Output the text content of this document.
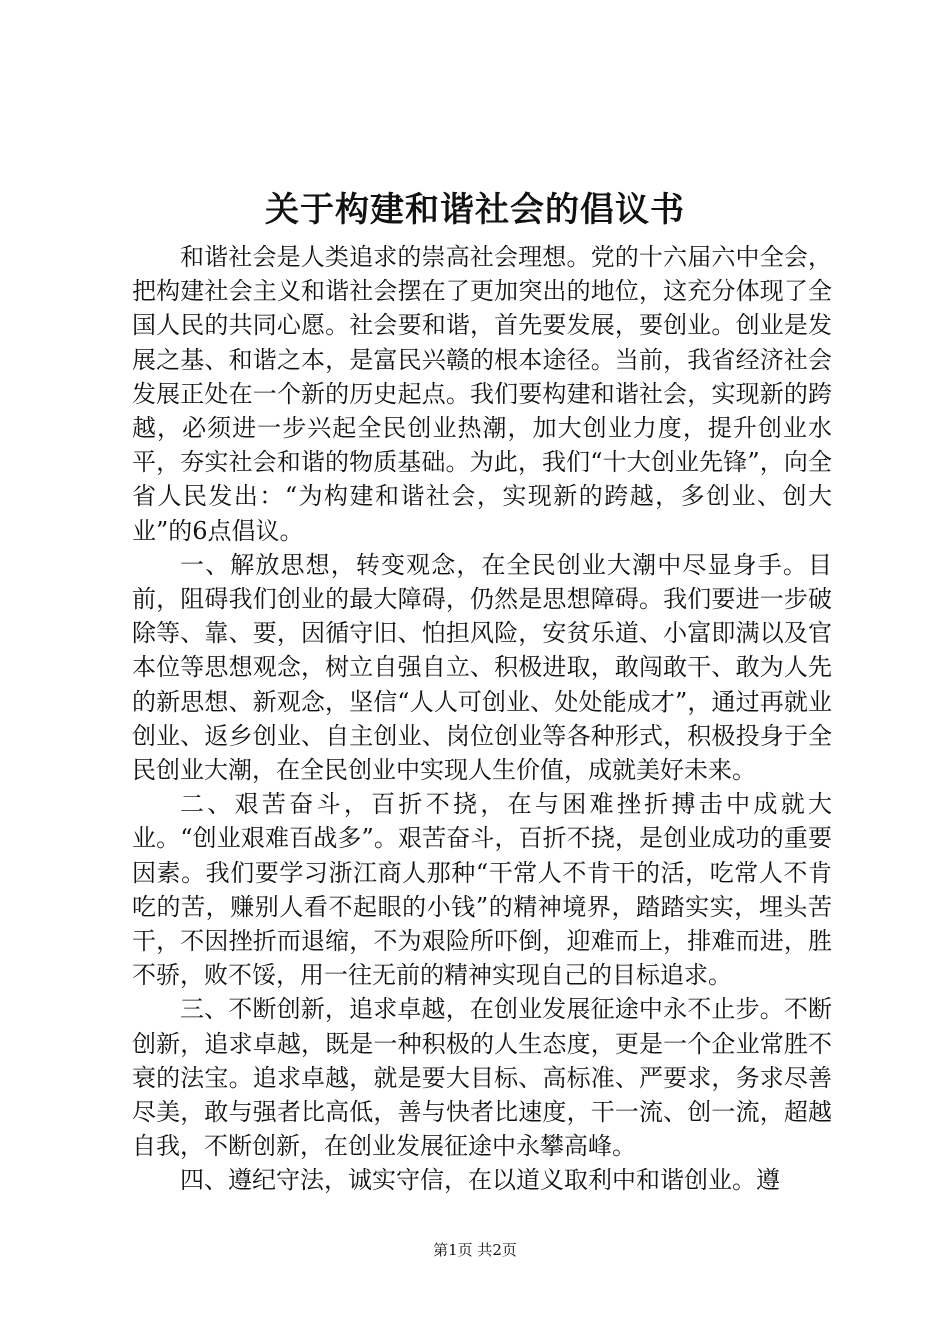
关于构建和谐社会的倡议书

和谐社会是人类追求的崇高社会理想。党的十六届六中全会，把构建社会主义和谐社会摆在了更加突出的地位，这充分体现了全国人民的共同心愿。社会要和谐，首先要发展，要创业。创业是发展之基、和谐之本，是富民兴赣的根本途径。当前，我省经济社会发展正处在一个新的历史起点。我们要构建和谐社会，实现新的跨越，必须进一步兴起全民创业热潮，加大创业力度，提升创业水平，夯实社会和谐的物质基础。为此，我们“十大创业先锋”，向全省人民发出：“为构建和谐社会，实现新的跨越，多创业、创大业”的6点倡议。

一、解放思想，转变观念，在全民创业大潮中尽显身手。目前，阻碍我们创业的最大障碍，仍然是思想障碍。我们要进一步破除等、靠、要，因循守旧、怕担风险，安贫乐道、小富即满以及官本位等思想观念，树立自强自立、积极进取，敢闯敢干、敢为人先的新思想、新观念，坚信“人人可创业、处处能成才”，通过再就业创业、返乡创业、自主创业、岗位创业等各种形式，积极投身于全民创业大潮，在全民创业中实现人生价值，成就美好未来。

二、艰苦奋斗，百折不挠，在与困难挫折搏击中成就大业。“创业艰难百战多”。艰苦奋斗，百折不挠，是创业成功的重要因素。我们要学习浙江商人那种“干常人不肯干的活，吃常人不肯吃的苦，赚别人看不起眼的小钱”的精神境界，踏踏实实，埋头苦干，不因挫折而退缩，不为艰险所吓倒，迎难而上，排难而进，胜不骄，败不馁，用一往无前的精神实现自己的目标追求。

三、不断创新，追求卓越，在创业发展征途中永不止步。不断创新，追求卓越，既是一种积极的人生态度，更是一个企业常胜不衰的法宝。追求卓越，就是要大目标、高标准、严要求，务求尽善尽美，敢与强者比高低，善与快者比速度，干一流、创一流，超越自我，不断创新，在创业发展征途中永攀高峰。

四、遵纪守法，诚实守信，在以道义取利中和谐创业。遵

第1页 共2页
